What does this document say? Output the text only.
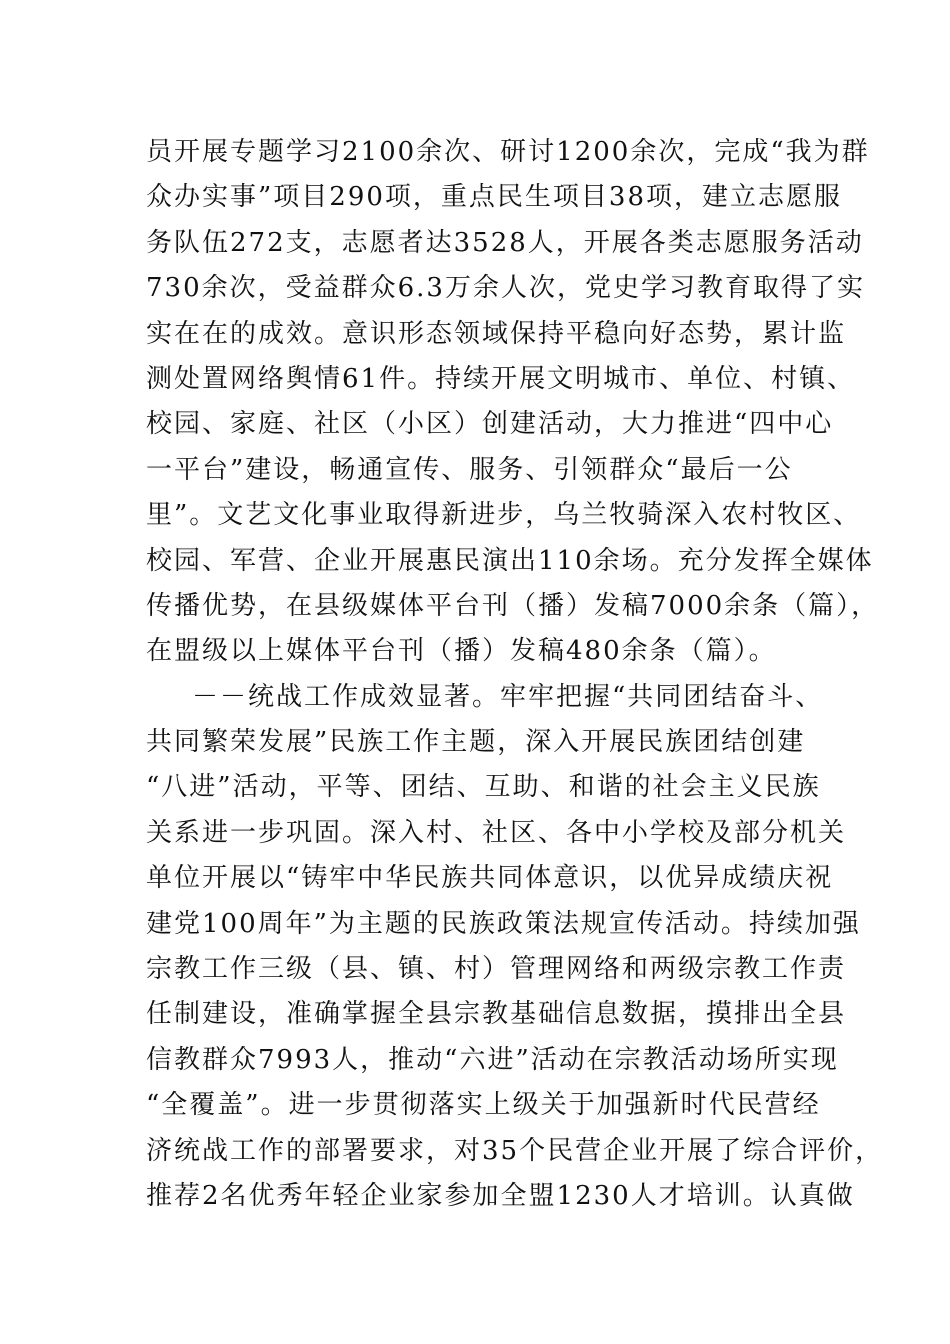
员开展专题学习2100余次、研讨1200余次，完成“我为群
众办实事”项目290项，重点民生项目38项，建立志愿服
务队伍272支，志愿者达3528人，开展各类志愿服务活动
730余次，受益群众6.3万余人次，党史学习教育取得了实
实在在的成效。意识形态领域保持平稳向好态势，累计监
测处置网络舆情61件。持续开展文明城市、单位、村镇、
校园、家庭、社区（小区）创建活动，大力推进“四中心
一平台”建设，畅通宣传、服务、引领群众“最后一公
里”。文艺文化事业取得新进步，乌兰牧骑深入农村牧区、
校园、军营、企业开展惠民演出110余场。充分发挥全媒体
传播优势，在县级媒体平台刊（播）发稿7000余条（篇），
在盟级以上媒体平台刊（播）发稿480余条（篇）。
－－统战工作成效显著。牢牢把握“共同团结奋斗、
共同繁荣发展”民族工作主题，深入开展民族团结创建
“八进”活动，平等、团结、互助、和谐的社会主义民族
关系进一步巩固。深入村、社区、各中小学校及部分机关
单位开展以“铸牢中华民族共同体意识，以优异成绩庆祝
建党100周年”为主题的民族政策法规宣传活动。持续加强
宗教工作三级（县、镇、村）管理网络和两级宗教工作责
任制建设，准确掌握全县宗教基础信息数据，摸排出全县
信教群众7993人，推动“六进”活动在宗教活动场所实现
“全覆盖”。进一步贯彻落实上级关于加强新时代民营经
济统战工作的部署要求，对35个民营企业开展了综合评价，
推荐2名优秀年轻企业家参加全盟1230人才培训。认真做
